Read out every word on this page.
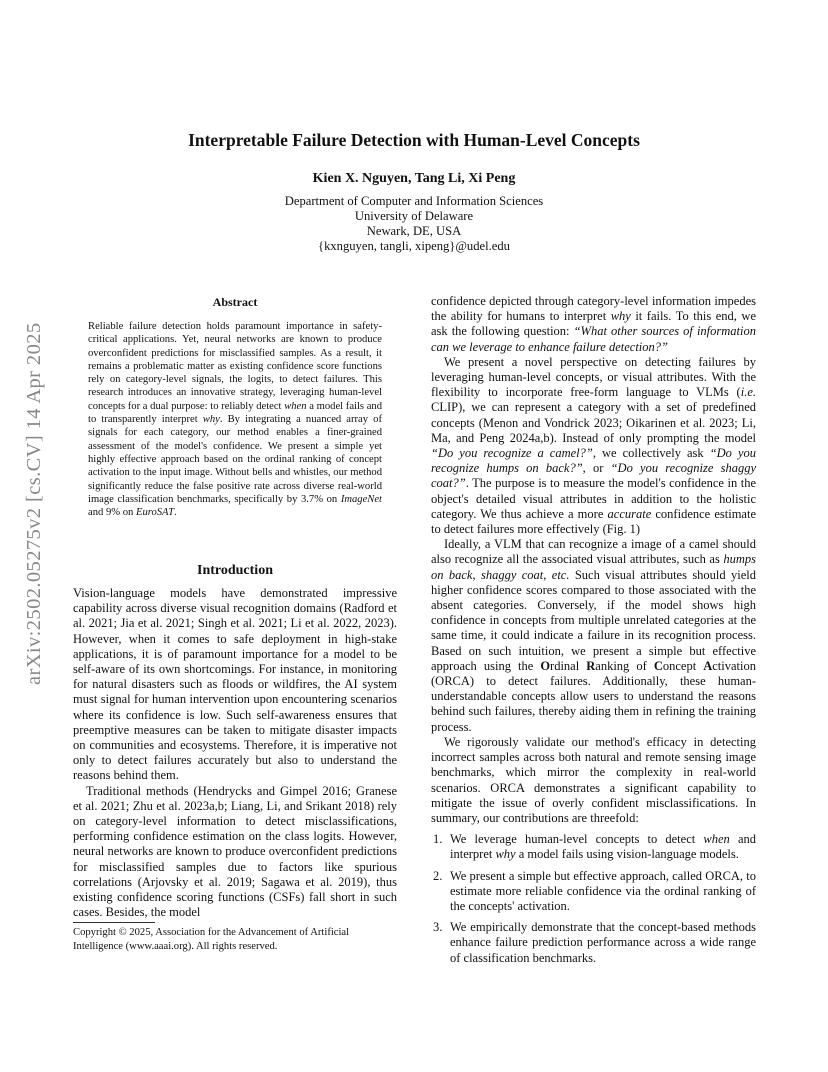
Interpretable Failure Detection with Human-Level Concepts
Kien X. Nguyen, Tang Li, Xi Peng
Department of Computer and Information Sciences
University of Delaware
Newark, DE, USA
{kxnguyen, tangli, xipeng}@udel.edu
arXiv:2502.05275v2 [cs.CV] 14 Apr 2025
Abstract
Reliable failure detection holds paramount importance in safety-critical applications. Yet, neural networks are known to produce overconfident predictions for misclassified samples. As a result, it remains a problematic matter as existing confidence score functions rely on category-level signals, the logits, to detect failures. This research introduces an innovative strategy, leveraging human-level concepts for a dual purpose: to reliably detect when a model fails and to transparently interpret why. By integrating a nuanced array of signals for each category, our method enables a finer-grained assessment of the model's confidence. We present a simple yet highly effective approach based on the ordinal ranking of concept activation to the input image. Without bells and whistles, our method significantly reduce the false positive rate across diverse real-world image classification benchmarks, specifically by 3.7% on ImageNet and 9% on EuroSAT.
Introduction

Vision-language models have demonstrated impressive capability across diverse visual recognition domains (Radford et al. 2021; Jia et al. 2021; Singh et al. 2021; Li et al. 2022, 2023). However, when it comes to safe deployment in high-stake applications, it is of paramount importance for a model to be self-aware of its own shortcomings. For instance, in monitoring for natural disasters such as floods or wildfires, the AI system must signal for human intervention upon encountering scenarios where its confidence is low. Such self-awareness ensures that preemptive measures can be taken to mitigate disaster impacts on communities and ecosystems. Therefore, it is imperative not only to detect failures accurately but also to understand the reasons behind them.

Traditional methods (Hendrycks and Gimpel 2016; Granese et al. 2021; Zhu et al. 2023a,b; Liang, Li, and Srikant 2018) rely on category-level information to detect misclassifications, performing confidence estimation on the class logits. However, neural networks are known to produce overconfident predictions for misclassified samples due to factors like spurious correlations (Arjovsky et al. 2019; Sagawa et al. 2019), thus existing confidence scoring functions (CSFs) fall short in such cases. Besides, the model

Copyright © 2025, Association for the Advancement of Artificial Intelligence (www.aaai.org). All rights reserved.

confidence depicted through category-level information impedes the ability for humans to interpret why it fails. To this end, we ask the following question: “What other sources of information can we leverage to enhance failure detection?”

We present a novel perspective on detecting failures by leveraging human-level concepts, or visual attributes. With the flexibility to incorporate free-form language to VLMs (i.e. CLIP), we can represent a category with a set of predefined concepts (Menon and Vondrick 2023; Oikarinen et al. 2023; Li, Ma, and Peng 2024a,b). Instead of only prompting the model “Do you recognize a camel?”, we collectively ask “Do you recognize humps on back?”, or “Do you recognize shaggy coat?”. The purpose is to measure the model's confidence in the object's detailed visual attributes in addition to the holistic category. We thus achieve a more accurate confidence estimate to detect failures more effectively (Fig. 1)

Ideally, a VLM that can recognize a image of a camel should also recognize all the associated visual attributes, such as humps on back, shaggy coat, etc. Such visual attributes should yield higher confidence scores compared to those associated with the absent categories. Conversely, if the model shows high confidence in concepts from multiple unrelated categories at the same time, it could indicate a failure in its recognition process. Based on such intuition, we present a simple but effective approach using the Ordinal Ranking of Concept Activation (ORCA) to detect failures. Additionally, these human-understandable concepts allow users to understand the reasons behind such failures, thereby aiding them in refining the training process.

We rigorously validate our method's efficacy in detecting incorrect samples across both natural and remote sensing image benchmarks, which mirror the complexity in real-world scenarios. ORCA demonstrates a significant capability to mitigate the issue of overly confident misclassifications. In summary, our contributions are threefold:

1. We leverage human-level concepts to detect when and interpret why a model fails using vision-language models.
2. We present a simple but effective approach, called ORCA, to estimate more reliable confidence via the ordinal ranking of the concepts' activation.
3. We empirically demonstrate that the concept-based methods enhance failure prediction performance across a wide range of classification benchmarks.
